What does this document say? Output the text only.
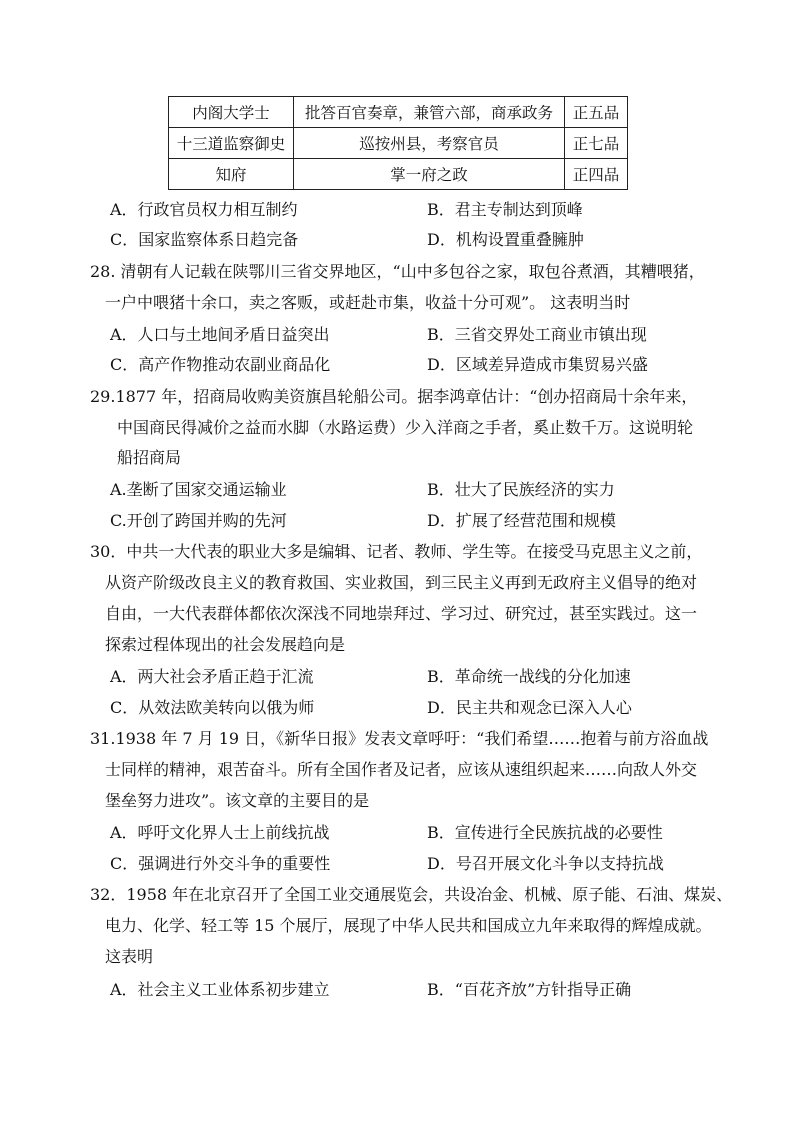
内阁大学士	批答百官奏章，兼管六部，商承政务	正五品
十三道监察御史	巡按州县，考察官员	正七品
知府	掌一府之政	正四品
A．行政官员权力相互制约	B．君主专制达到顶峰
C．国家监察体系日趋完备	D．机构设置重叠臃肿
28. 清朝有人记载在陕鄂川三省交界地区，“山中多包谷之家，取包谷煮酒，其糟喂猪，
一户中喂猪十余口，卖之客贩，或赶赴市集，收益十分可观”。 这表明当时
A．人口与土地间矛盾日益突出	B．三省交界处工商业市镇出现
C．高产作物推动农副业商品化	D．区域差异造成市集贸易兴盛
29.1877 年，招商局收购美资旗昌轮船公司。据李鸿章估计：“创办招商局十余年来，
中国商民得减价之益而水脚（水路运费）少入洋商之手者，奚止数千万。这说明轮
船招商局
A.垄断了国家交通运输业	B．壮大了民族经济的实力
C.开创了跨国并购的先河	D．扩展了经营范围和规模
30．中共一大代表的职业大多是编辑、记者、教师、学生等。在接受马克思主义之前，
从资产阶级改良主义的教育救国、实业救国，到三民主义再到无政府主义倡导的绝对
自由，一大代表群体都依次深浅不同地崇拜过、学习过、研究过，甚至实践过。这一
探索过程体现出的社会发展趋向是
A．两大社会矛盾正趋于汇流	B．革命统一战线的分化加速
C．从效法欧美转向以俄为师	D．民主共和观念已深入人心
31.1938 年 7 月 19 日，《新华日报》发表文章呼吁：“我们希望……抱着与前方浴血战
士同样的精神，艰苦奋斗。所有全国作者及记者，应该从速组织起来……向敌人外交
堡垒努力进攻”。该文章的主要目的是
A．呼吁文化界人士上前线抗战	B．宣传进行全民族抗战的必要性
C．强调进行外交斗争的重要性	D．号召开展文化斗争以支持抗战
32．1958 年在北京召开了全国工业交通展览会，共设冶金、机械、原子能、石油、煤炭、
电力、化学、轻工等 15 个展厅，展现了中华人民共和国成立九年来取得的辉煌成就。
这表明
A．社会主义工业体系初步建立	B．“百花齐放”方针指导正确
